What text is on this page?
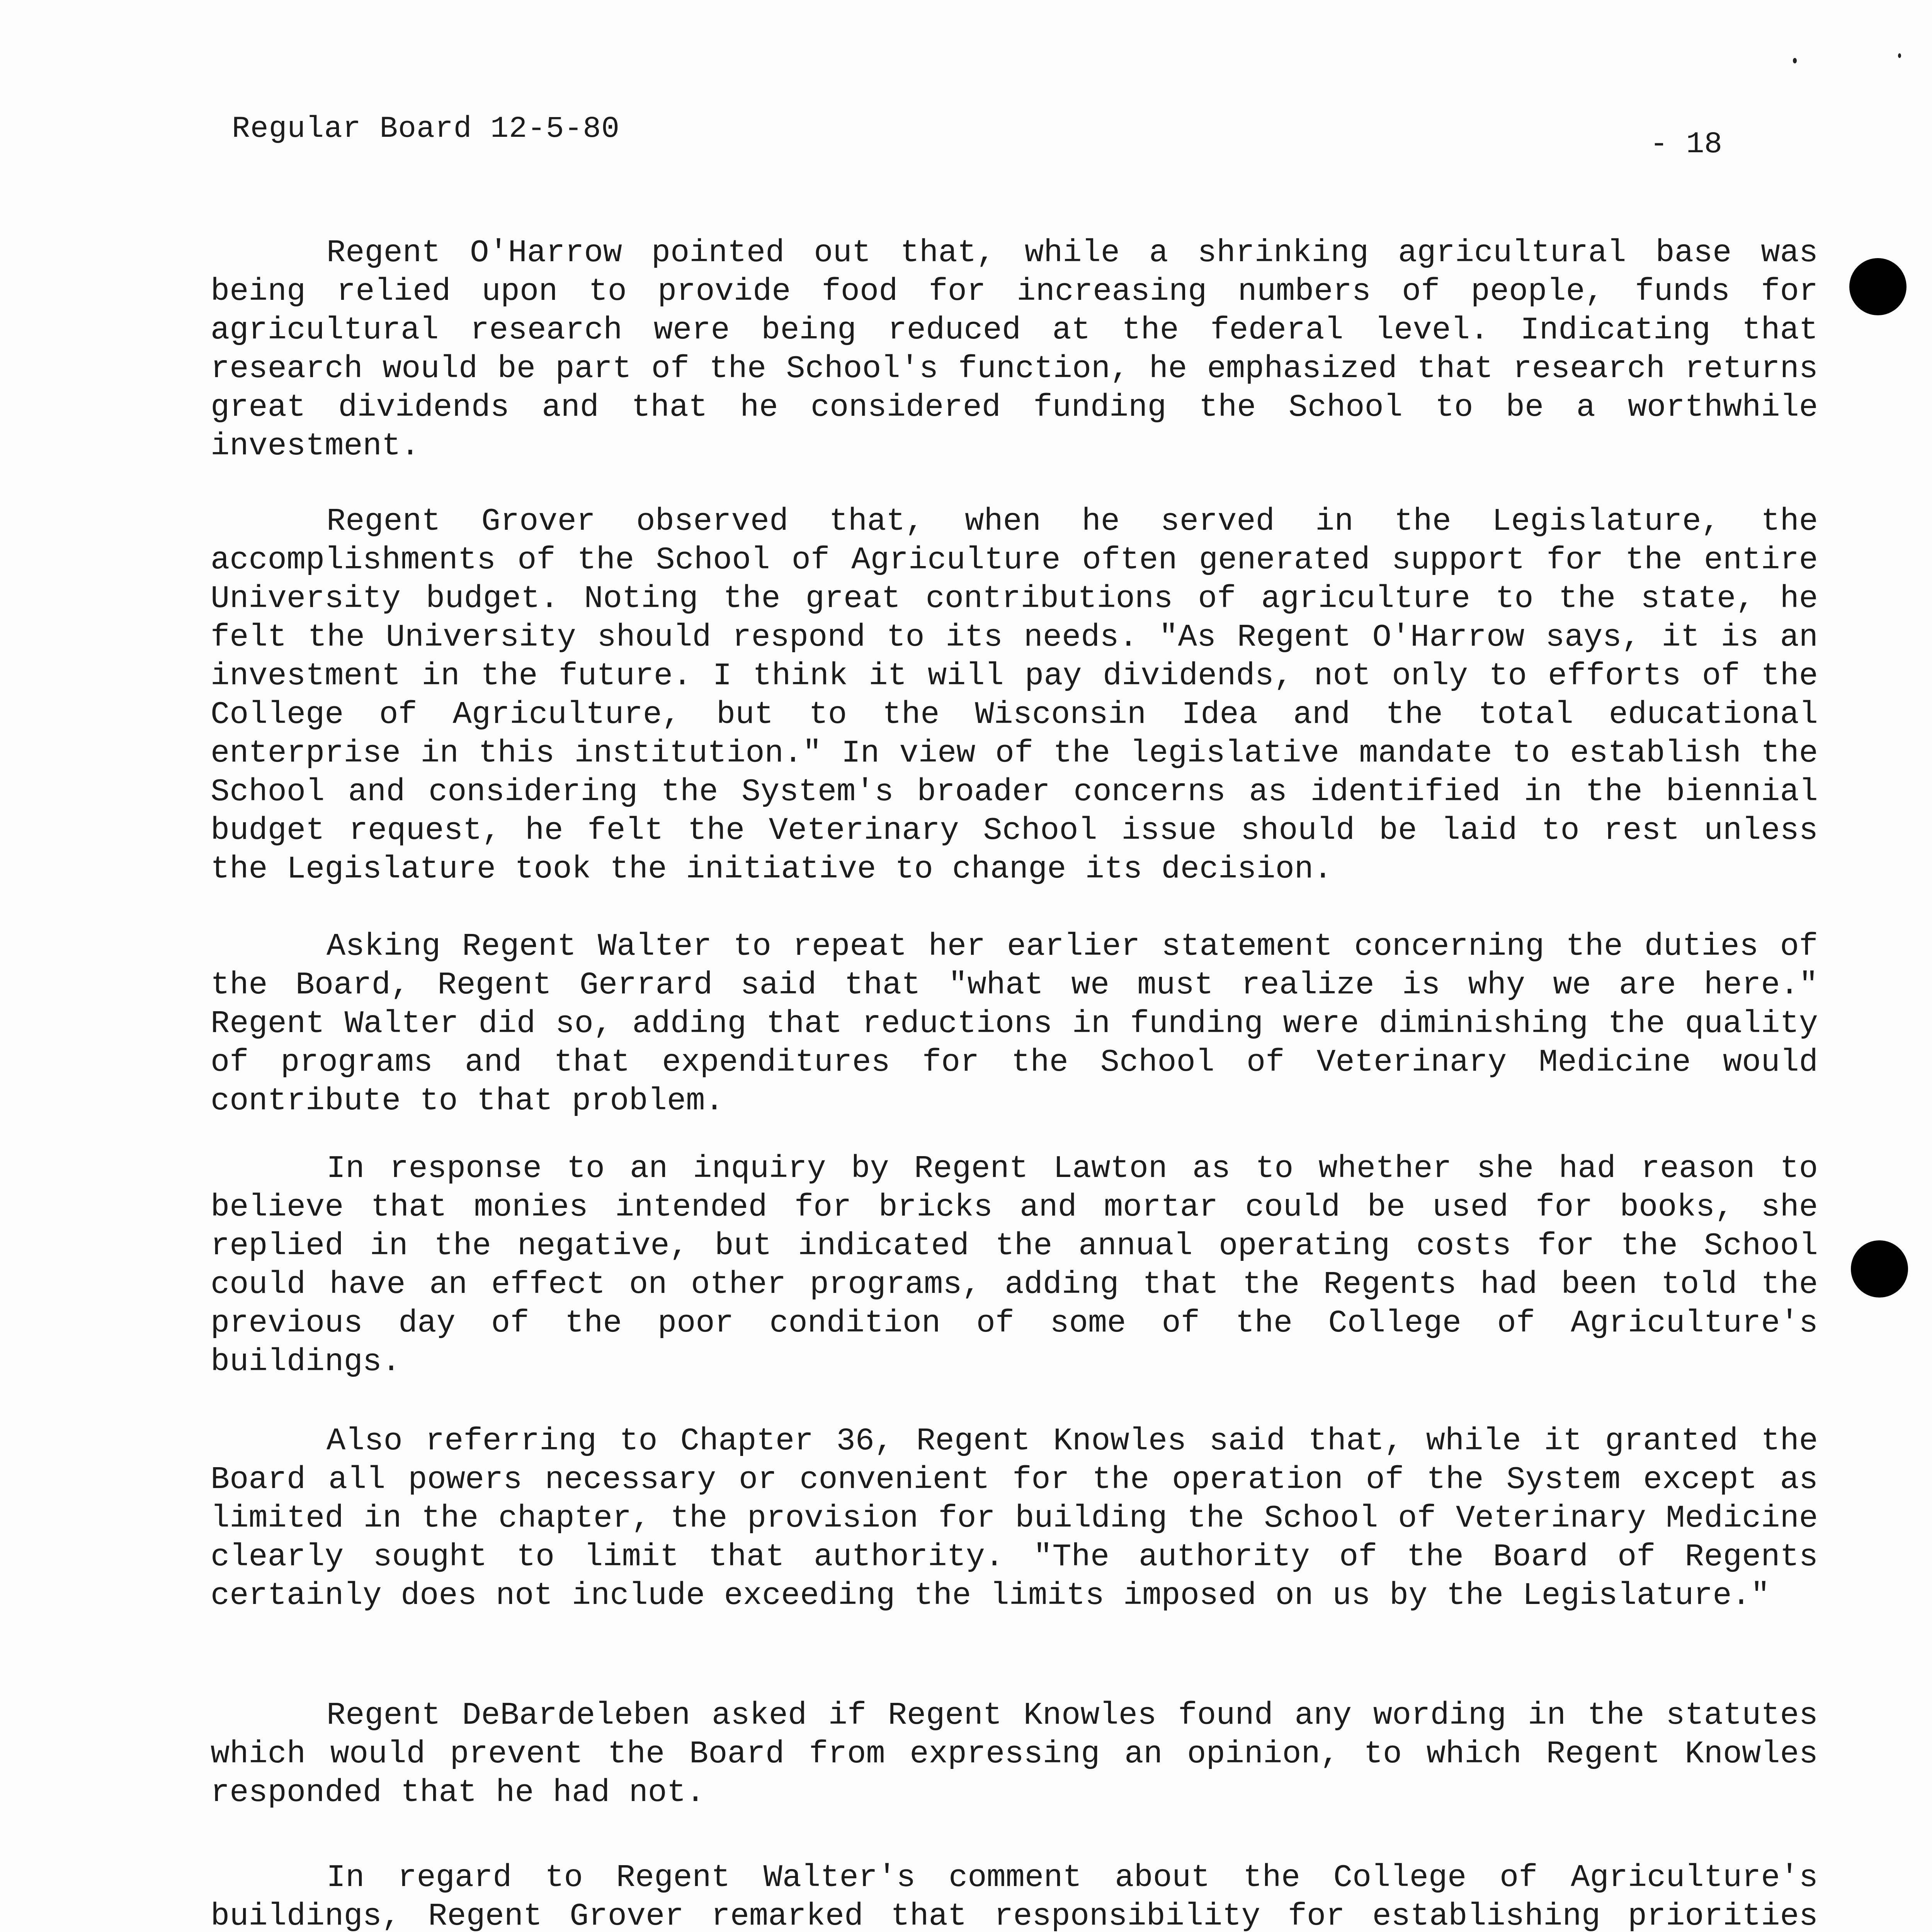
Regular Board 12-5-80	- 18

Regent O'Harrow pointed out that, while a shrinking agricultural base was being relied upon to provide food for increasing numbers of people, funds for agricultural research were being reduced at the federal level. Indicating that research would be part of the School's function, he emphasized that research returns great dividends and that he considered funding the School to be a worthwhile investment.

Regent Grover observed that, when he served in the Legislature, the accomplishments of the School of Agriculture often generated support for the entire University budget. Noting the great contributions of agriculture to the state, he felt the University should respond to its needs. "As Regent O'Harrow says, it is an investment in the future. I think it will pay dividends, not only to efforts of the College of Agriculture, but to the Wisconsin Idea and the total educational enterprise in this institution." In view of the legislative mandate to establish the School and considering the System's broader concerns as identified in the biennial budget request, he felt the Veterinary School issue should be laid to rest unless the Legislature took the initiative to change its decision.

Asking Regent Walter to repeat her earlier statement concerning the duties of the Board, Regent Gerrard said that "what we must realize is why we are here." Regent Walter did so, adding that reductions in funding were diminishing the quality of programs and that expenditures for the School of Veterinary Medicine would contribute to that problem.

In response to an inquiry by Regent Lawton as to whether she had reason to believe that monies intended for bricks and mortar could be used for books, she replied in the negative, but indicated the annual operating costs for the School could have an effect on other programs, adding that the Regents had been told the previous day of the poor condition of some of the College of Agriculture's buildings.

Also referring to Chapter 36, Regent Knowles said that, while it granted the Board all powers necessary or convenient for the operation of the System except as limited in the chapter, the provision for building the School of Veterinary Medicine clearly sought to limit that authority. "The authority of the Board of Regents certainly does not include exceeding the limits imposed on us by the Legislature."

Regent DeBardeleben asked if Regent Knowles found any wording in the statutes which would prevent the Board from expressing an opinion, to which Regent Knowles responded that he had not.

In regard to Regent Walter's comment about the College of Agriculture's buildings, Regent Grover remarked that responsibility for establishing priorities
